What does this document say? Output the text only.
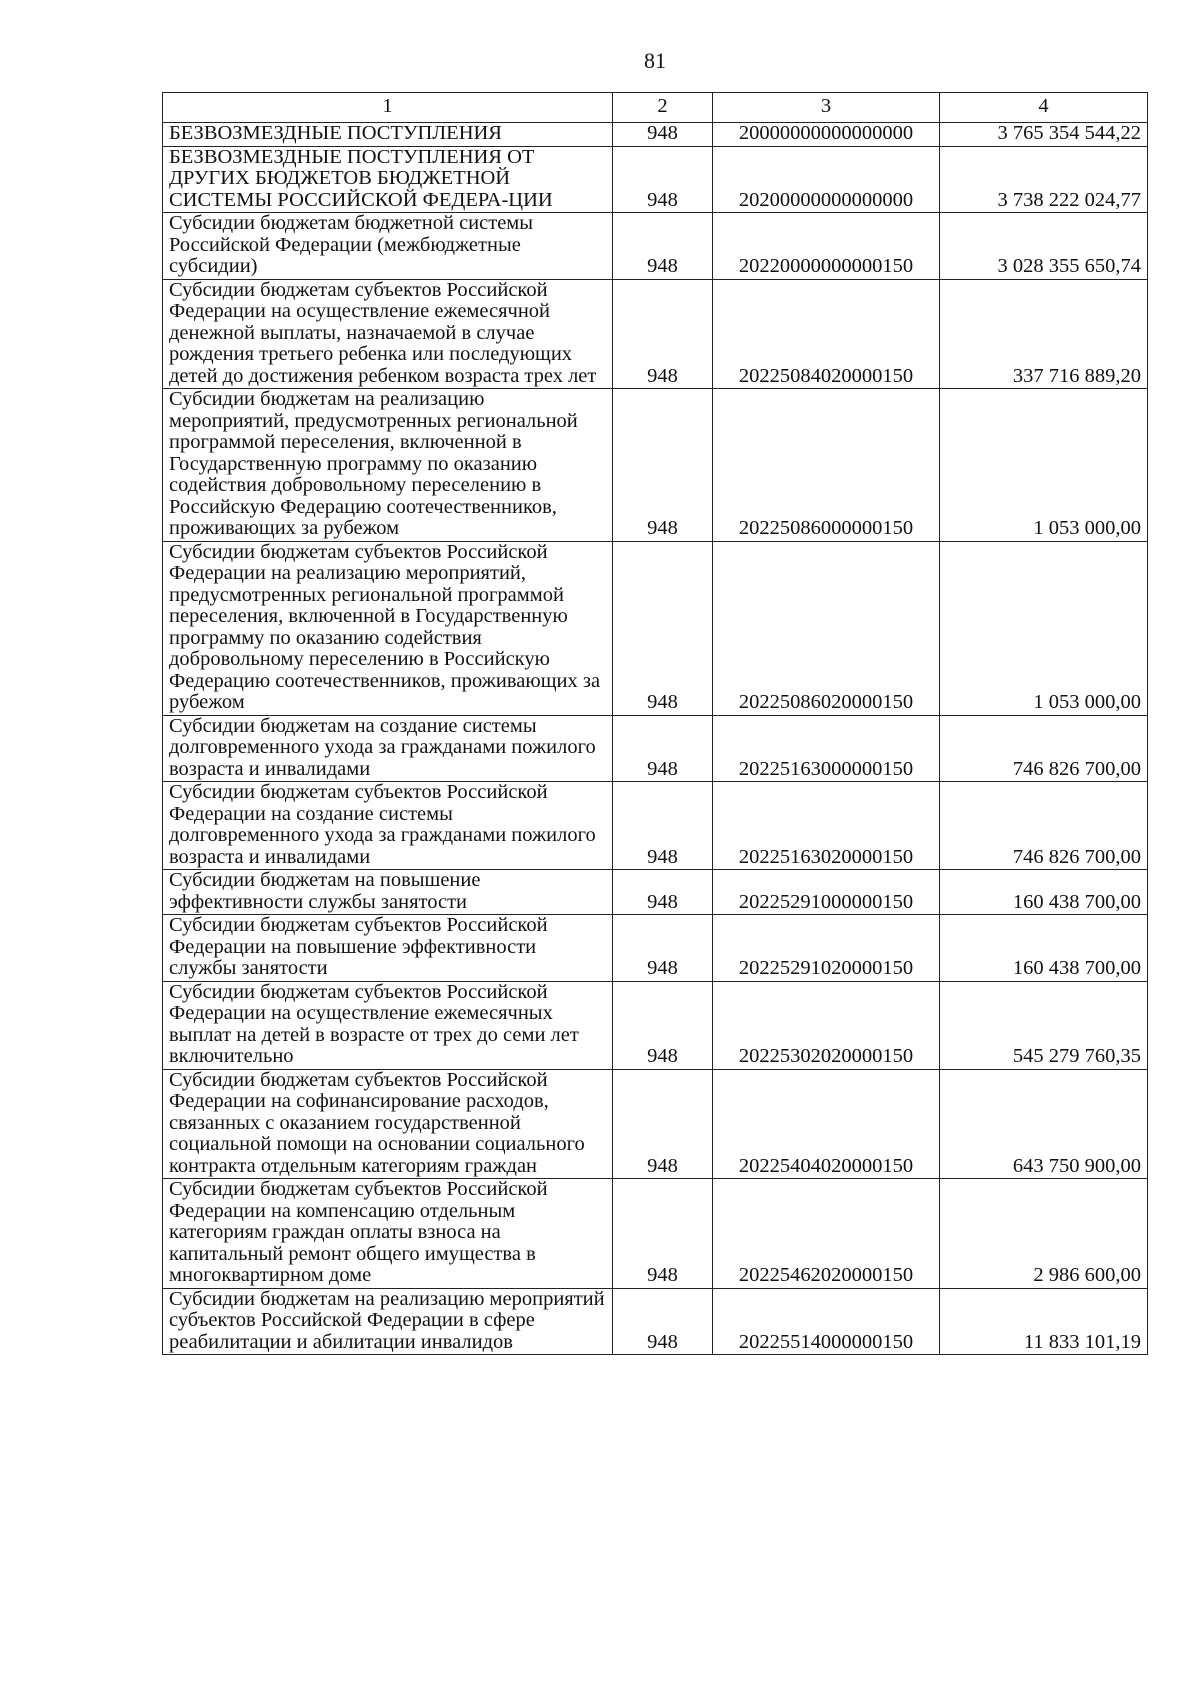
81
1	2	3	4
БЕЗВОЗМЕЗДНЫЕ ПОСТУПЛЕНИЯ	948	20000000000000000	3 765 354 544,22
БЕЗВОЗМЕЗДНЫЕ ПОСТУПЛЕНИЯ ОТ ДРУГИХ БЮДЖЕТОВ БЮДЖЕТНОЙ СИСТЕМЫ РОССИЙСКОЙ ФЕДЕРА-ЦИИ	948	20200000000000000	3 738 222 024,77
Субсидии бюджетам бюджетной системы Российской Федерации (межбюджетные субсидии)	948	20220000000000150	3 028 355 650,74
Субсидии бюджетам субъектов Российской Федерации на осуществление ежемесячной денежной выплаты, назначаемой в случае рождения третьего ребенка или последующих детей до достижения ребенком возраста трех лет	948	20225084020000150	337 716 889,20
Субсидии бюджетам на реализацию мероприятий, предусмотренных региональной программой переселения, включенной в Государственную программу по оказанию содействия добровольному переселению в Российскую Федерацию соотечественников, проживающих за рубежом	948	20225086000000150	1 053 000,00
Субсидии бюджетам субъектов Российской Федерации на реализацию мероприятий, предусмотренных региональной программой переселения, включенной в Государственную программу по оказанию содействия добровольному переселению в Российскую Федерацию соотечественников, проживающих за рубежом	948	20225086020000150	1 053 000,00
Субсидии бюджетам на создание системы долговременного ухода за гражданами пожилого возраста и инвалидами	948	20225163000000150	746 826 700,00
Субсидии бюджетам субъектов Российской Федерации на создание системы долговременного ухода за гражданами пожилого возраста и инвалидами	948	20225163020000150	746 826 700,00
Субсидии бюджетам на повышение эффективности службы занятости	948	20225291000000150	160 438 700,00
Субсидии бюджетам субъектов Российской Федерации на повышение эффективности службы занятости	948	20225291020000150	160 438 700,00
Субсидии бюджетам субъектов Российской Федерации на осуществление ежемесячных выплат на детей в возрасте от трех до семи лет включительно	948	20225302020000150	545 279 760,35
Субсидии бюджетам субъектов Российской Федерации на софинансирование расходов, связанных с оказанием государственной социальной помощи на основании социального контракта отдельным категориям граждан	948	20225404020000150	643 750 900,00
Субсидии бюджетам субъектов Российской Федерации на компенсацию отдельным категориям граждан оплаты взноса на капитальный ремонт общего имущества в многоквартирном доме	948	20225462020000150	2 986 600,00
Субсидии бюджетам на реализацию мероприятий субъектов Российской Федерации в сфере реабилитации и абилитации инвалидов	948	20225514000000150	11 833 101,19
